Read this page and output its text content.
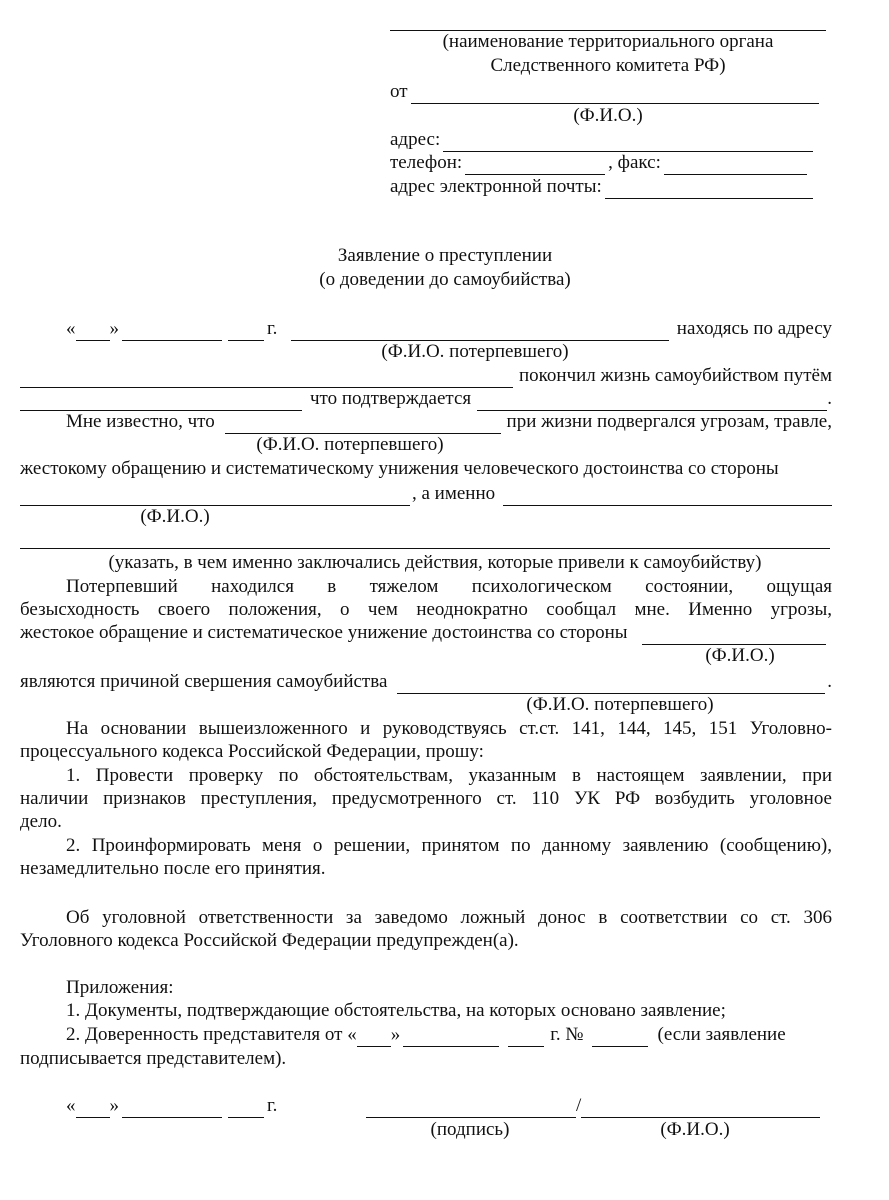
(наименование территориального органа
Следственного комитета РФ)
от
(Ф.И.О.)
адрес:
телефон:	, факс:
адрес электронной почты:
Заявление о преступлении
(о доведении до самоубийства)
« »	г.	находясь по адресу
(Ф.И.О. потерпевшего)
покончил жизнь самоубийством путём
что подтверждается	.
Мне известно, что	при жизни подвергался угрозам, травле,
(Ф.И.О. потерпевшего)
жестокому обращению и систематическому унижения человеческого достоинства со стороны
, а именно
(Ф.И.О.)
(указать, в чем именно заключались действия, которые привели к самоубийству)
Потерпевший находился в тяжелом психологическом состоянии, ощущая
безысходность своего положения, о чем неоднократно сообщал мне. Именно угрозы,
жестокое обращение и систематическое унижение достоинства со стороны
(Ф.И.О.)
являются причиной свершения самоубийства	.
(Ф.И.О. потерпевшего)
На основании вышеизложенного и руководствуясь ст.ст. 141, 144, 145, 151 Уголовно-
процессуального кодекса Российской Федерации, прошу:
1. Провести проверку по обстоятельствам, указанным в настоящем заявлении, при
наличии признаков преступления, предусмотренного ст. 110 УК РФ возбудить уголовное
дело.
2. Проинформировать меня о решении, принятом по данному заявлению (сообщению),
незамедлительно после его принятия.
Об уголовной ответственности за заведомо ложный донос в соответствии со ст. 306
Уголовного кодекса Российской Федерации предупрежден(а).
Приложения:
1. Документы, подтверждающие обстоятельства, на которых основано заявление;
2. Доверенность представителя от « »	г. №	(если заявление
подписывается представителем).
« »	г.	/
(подпись)	(Ф.И.О.)
